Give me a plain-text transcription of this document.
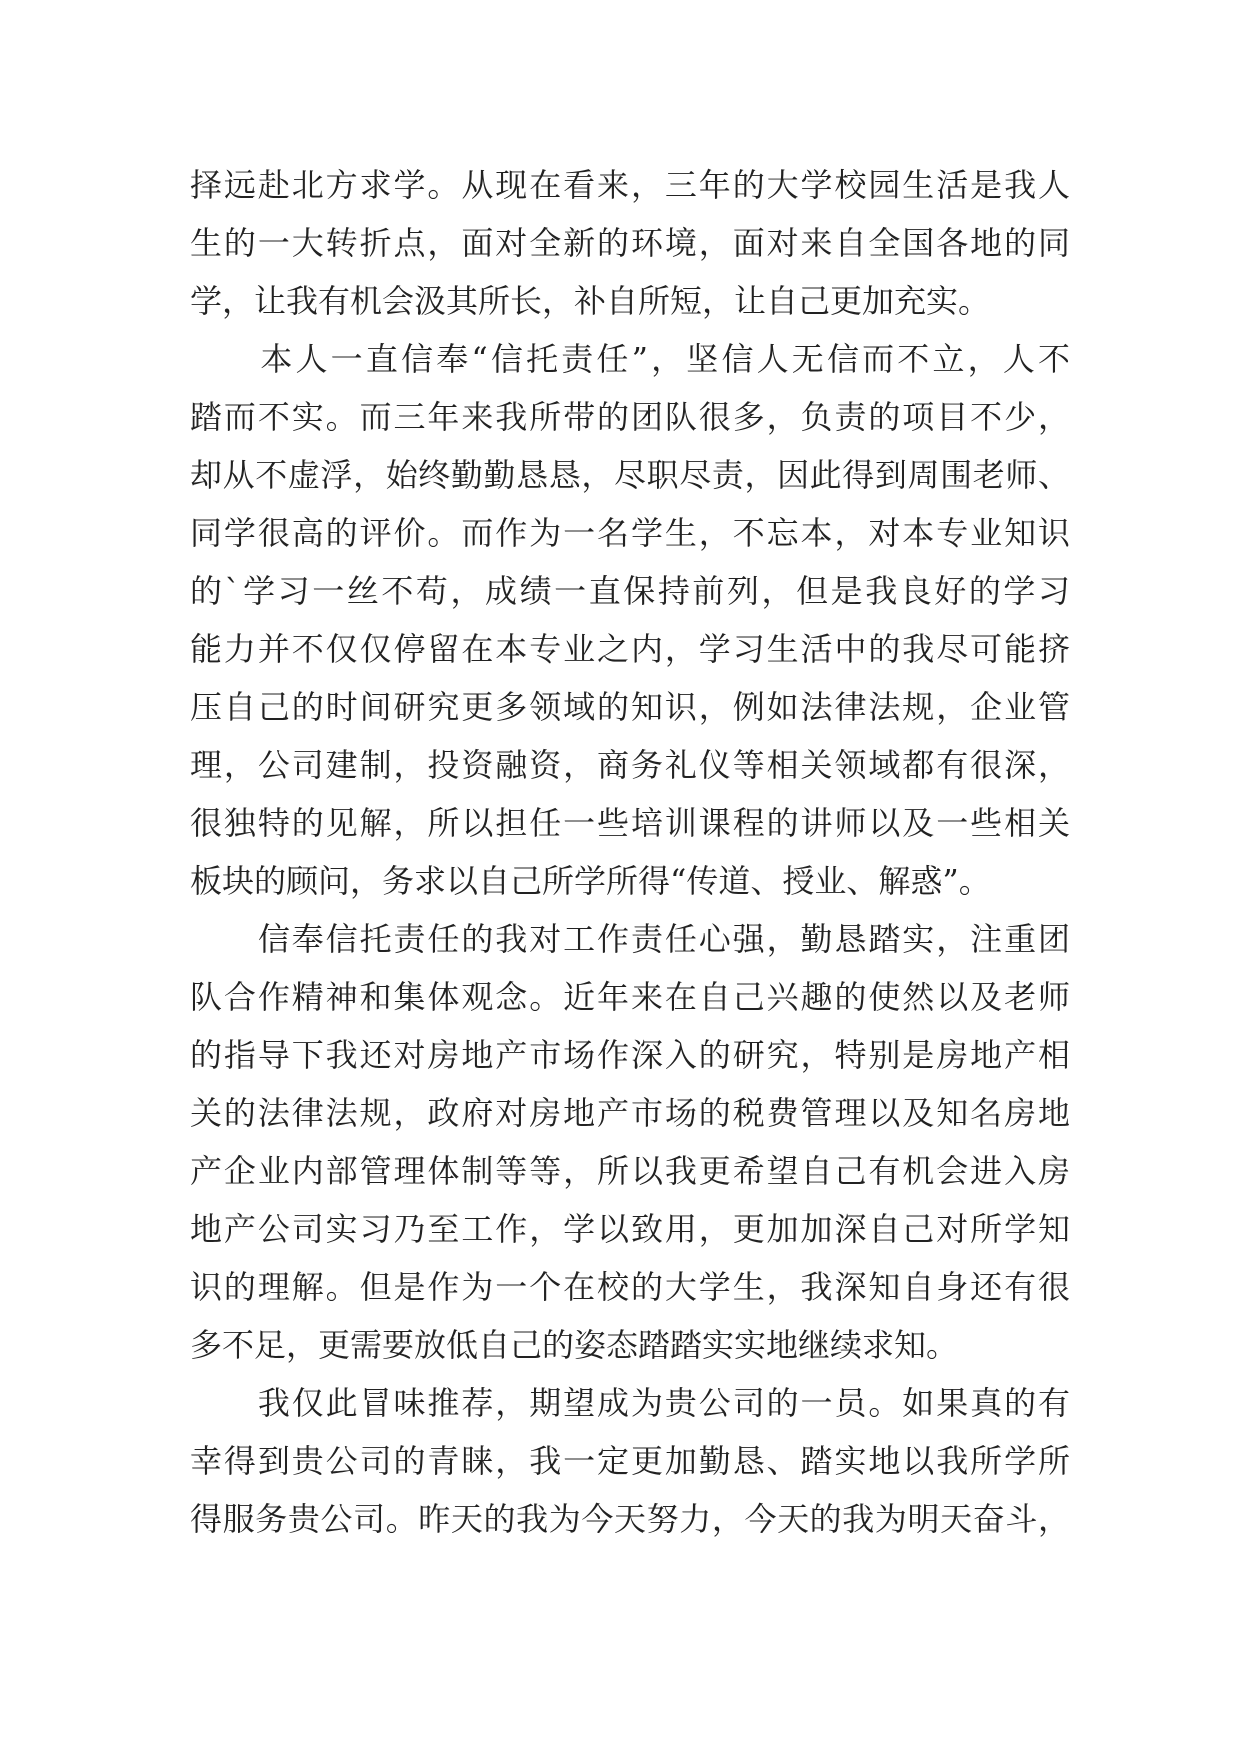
择远赴北方求学。从现在看来，三年的大学校园生活是我人
生的一大转折点，面对全新的环境，面对来自全国各地的同
学，让我有机会汲其所长，补自所短，让自己更加充实。
　　本人一直信奉“信托责任”，坚信人无信而不立，人不
踏而不实。而三年来我所带的团队很多，负责的项目不少，
却从不虚浮，始终勤勤恳恳，尽职尽责，因此得到周围老师、
同学很高的评价。而作为一名学生，不忘本，对本专业知识
的`学习一丝不苟，成绩一直保持前列，但是我良好的学习
能力并不仅仅停留在本专业之内，学习生活中的我尽可能挤
压自己的时间研究更多领域的知识，例如法律法规，企业管
理，公司建制，投资融资，商务礼仪等相关领域都有很深，
很独特的见解，所以担任一些培训课程的讲师以及一些相关
板块的顾问，务求以自己所学所得“传道、授业、解惑”。
　　信奉信托责任的我对工作责任心强，勤恳踏实，注重团
队合作精神和集体观念。近年来在自己兴趣的使然以及老师
的指导下我还对房地产市场作深入的研究，特别是房地产相
关的法律法规，政府对房地产市场的税费管理以及知名房地
产企业内部管理体制等等，所以我更希望自己有机会进入房
地产公司实习乃至工作，学以致用，更加加深自己对所学知
识的理解。但是作为一个在校的大学生，我深知自身还有很
多不足，更需要放低自己的姿态踏踏实实地继续求知。
　　我仅此冒味推荐，期望成为贵公司的一员。如果真的有
幸得到贵公司的青睐，我一定更加勤恳、踏实地以我所学所
得服务贵公司。昨天的我为今天努力，今天的我为明天奋斗，
